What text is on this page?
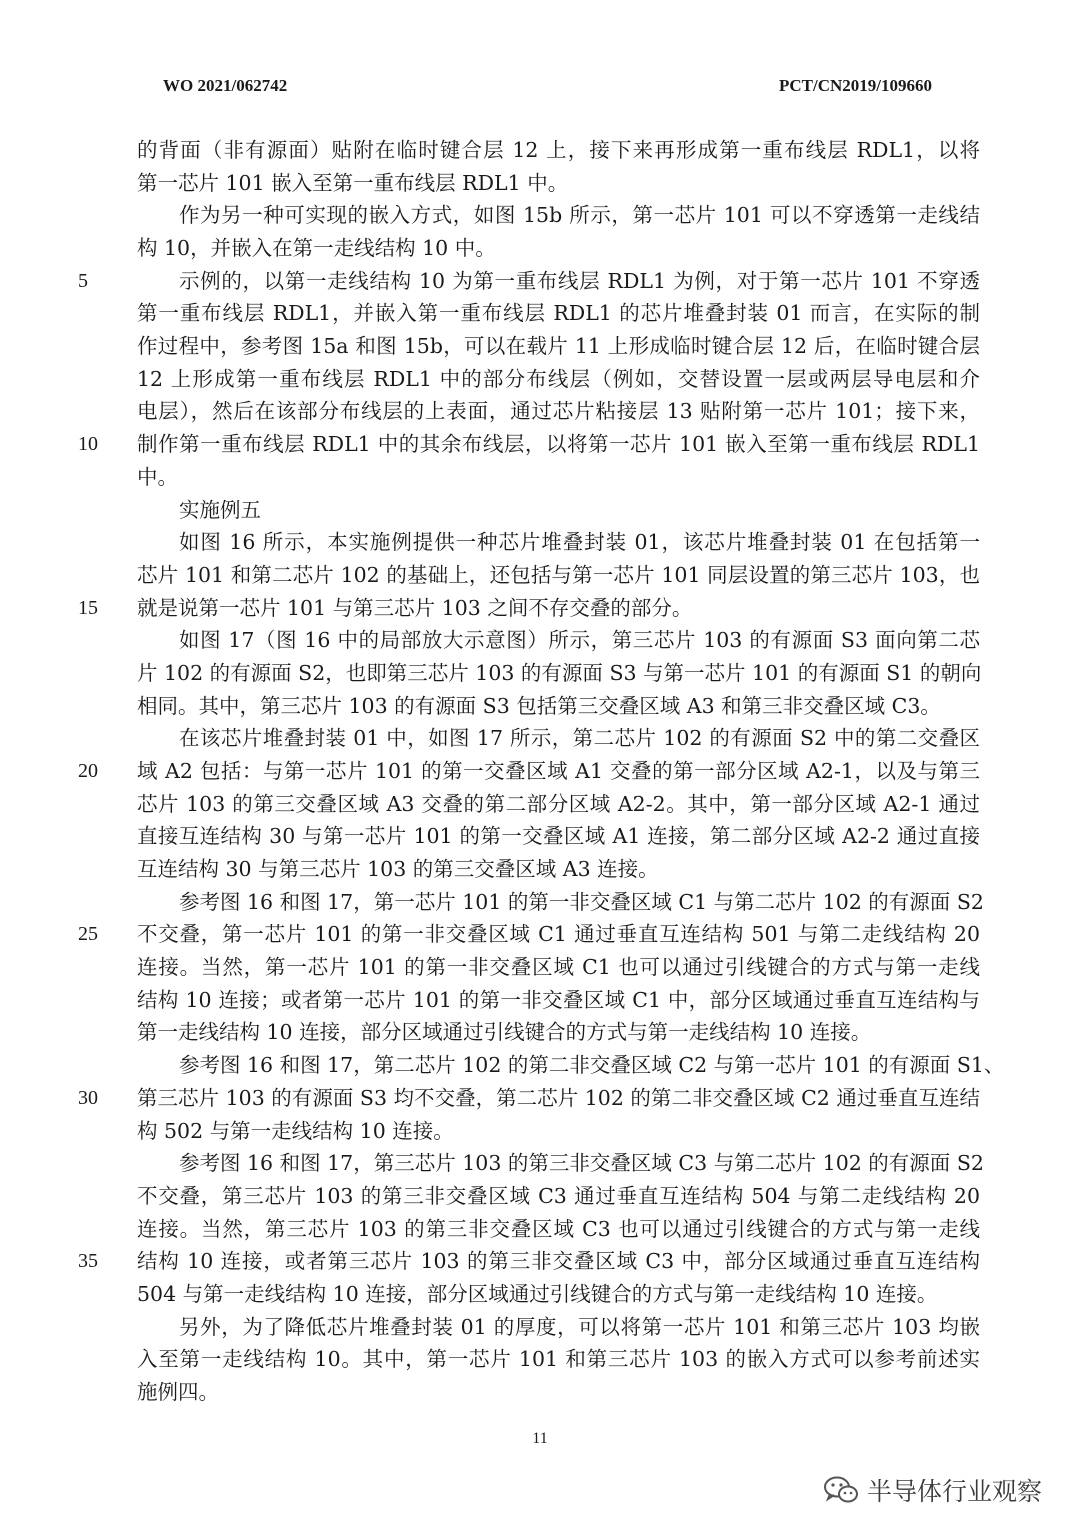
WO 2021/062742	PCT/CN2019/109660
的背面（非有源面）贴附在临时键合层 12 上，接下来再形成第一重布线层 RDL1，以将
第一芯片 101 嵌入至第一重布线层 RDL1 中。
作为另一种可实现的嵌入方式，如图 15b 所示，第一芯片 101 可以不穿透第一走线结
构 10，并嵌入在第一走线结构 10 中。
示例的，以第一走线结构 10 为第一重布线层 RDL1 为例，对于第一芯片 101 不穿透
第一重布线层 RDL1，并嵌入第一重布线层 RDL1 的芯片堆叠封装 01 而言，在实际的制
作过程中，参考图 15a 和图 15b，可以在载片 11 上形成临时键合层 12 后，在临时键合层
12 上形成第一重布线层 RDL1 中的部分布线层（例如，交替设置一层或两层导电层和介
电层），然后在该部分布线层的上表面，通过芯片粘接层 13 贴附第一芯片 101；接下来，
制作第一重布线层 RDL1 中的其余布线层，以将第一芯片 101 嵌入至第一重布线层 RDL1
中。
实施例五
如图 16 所示，本实施例提供一种芯片堆叠封装 01，该芯片堆叠封装 01 在包括第一
芯片 101 和第二芯片 102 的基础上，还包括与第一芯片 101 同层设置的第三芯片 103，也
就是说第一芯片 101 与第三芯片 103 之间不存交叠的部分。
如图 17（图 16 中的局部放大示意图）所示，第三芯片 103 的有源面 S3 面向第二芯
片 102 的有源面 S2，也即第三芯片 103 的有源面 S3 与第一芯片 101 的有源面 S1 的朝向
相同。其中，第三芯片 103 的有源面 S3 包括第三交叠区域 A3 和第三非交叠区域 C3。
在该芯片堆叠封装 01 中，如图 17 所示，第二芯片 102 的有源面 S2 中的第二交叠区
域 A2 包括：与第一芯片 101 的第一交叠区域 A1 交叠的第一部分区域 A2-1，以及与第三
芯片 103 的第三交叠区域 A3 交叠的第二部分区域 A2-2。其中，第一部分区域 A2-1 通过
直接互连结构 30 与第一芯片 101 的第一交叠区域 A1 连接，第二部分区域 A2-2 通过直接
互连结构 30 与第三芯片 103 的第三交叠区域 A3 连接。
参考图 16 和图 17，第一芯片 101 的第一非交叠区域 C1 与第二芯片 102 的有源面 S2
不交叠，第一芯片 101 的第一非交叠区域 C1 通过垂直互连结构 501 与第二走线结构 20
连接。当然，第一芯片 101 的第一非交叠区域 C1 也可以通过引线键合的方式与第一走线
结构 10 连接；或者第一芯片 101 的第一非交叠区域 C1 中，部分区域通过垂直互连结构与
第一走线结构 10 连接，部分区域通过引线键合的方式与第一走线结构 10 连接。
参考图 16 和图 17，第二芯片 102 的第二非交叠区域 C2 与第一芯片 101 的有源面 S1、
第三芯片 103 的有源面 S3 均不交叠，第二芯片 102 的第二非交叠区域 C2 通过垂直互连结
构 502 与第一走线结构 10 连接。
参考图 16 和图 17，第三芯片 103 的第三非交叠区域 C3 与第二芯片 102 的有源面 S2
不交叠，第三芯片 103 的第三非交叠区域 C3 通过垂直互连结构 504 与第二走线结构 20
连接。当然，第三芯片 103 的第三非交叠区域 C3 也可以通过引线键合的方式与第一走线
结构 10 连接，或者第三芯片 103 的第三非交叠区域 C3 中，部分区域通过垂直互连结构
504 与第一走线结构 10 连接，部分区域通过引线键合的方式与第一走线结构 10 连接。
另外，为了降低芯片堆叠封装 01 的厚度，可以将第一芯片 101 和第三芯片 103 均嵌
入至第一走线结构 10。其中，第一芯片 101 和第三芯片 103 的嵌入方式可以参考前述实
施例四。
5
10
15
20
25
30
35
11
半导体行业观察
